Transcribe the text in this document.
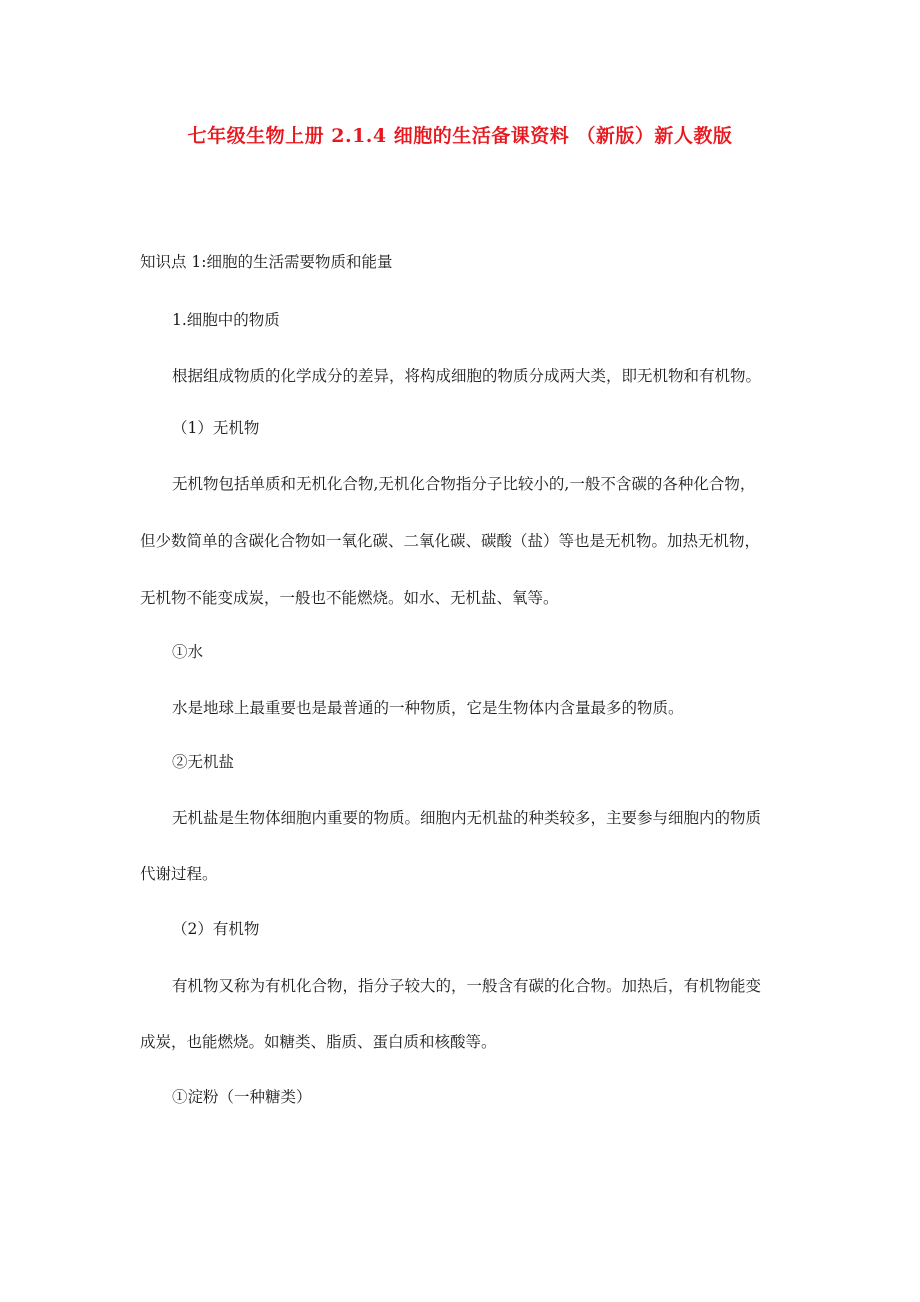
七年级生物上册 2.1.4 细胞的生活备课资料 （新版）新人教版
知识点 1:细胞的生活需要物质和能量
1.细胞中的物质
根据组成物质的化学成分的差异，将构成细胞的物质分成两大类，即无机物和有机物。
（1）无机物
无机物包括单质和无机化合物,无机化合物指分子比较小的,一般不含碳的各种化合物，
但少数简单的含碳化合物如一氧化碳、二氧化碳、碳酸（盐）等也是无机物。加热无机物，
无机物不能变成炭，一般也不能燃烧。如水、无机盐、氧等。
①水
水是地球上最重要也是最普通的一种物质，它是生物体内含量最多的物质。
②无机盐
无机盐是生物体细胞内重要的物质。细胞内无机盐的种类较多，主要参与细胞内的物质
代谢过程。
（2）有机物
有机物又称为有机化合物，指分子较大的，一般含有碳的化合物。加热后，有机物能变
成炭，也能燃烧。如糖类、脂质、蛋白质和核酸等。
①淀粉（一种糖类）
